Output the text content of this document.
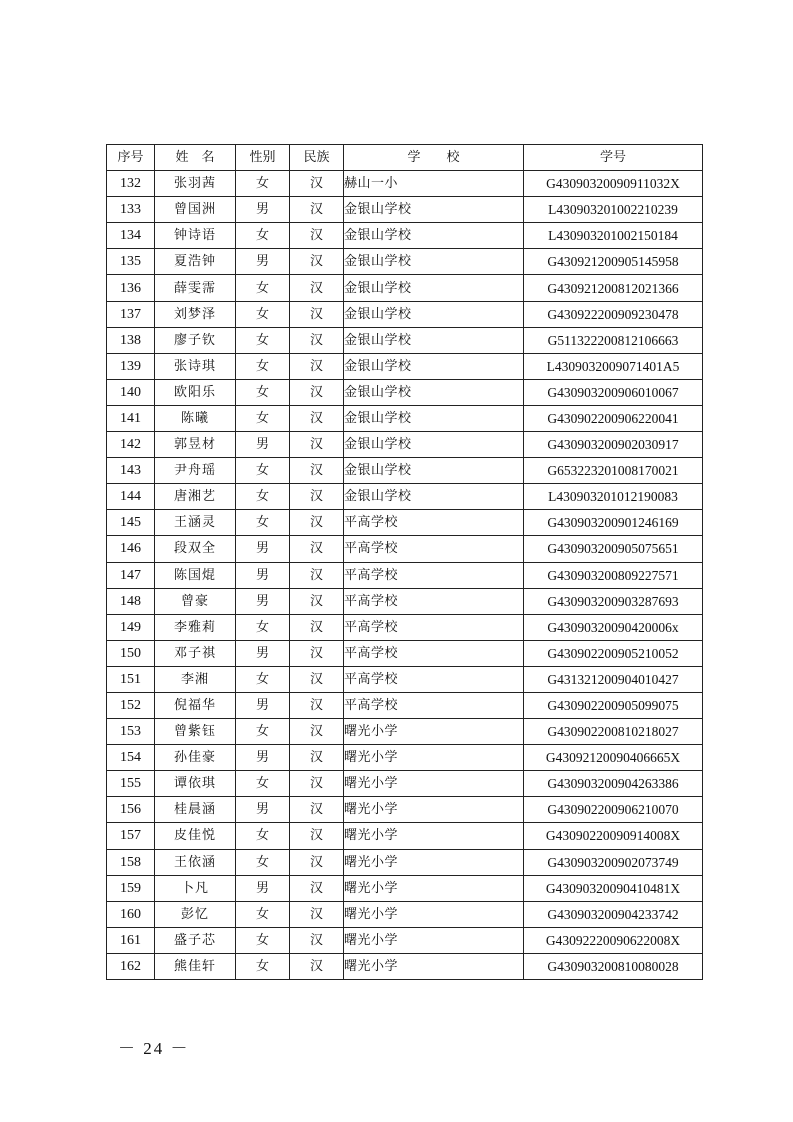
序号	姓　名	性别	民族	学　　校	学号
132	张羽茜	女	汉	赫山一小	G43090320090911032X
133	曾国洲	男	汉	金银山学校	L430903201002210239
134	钟诗语	女	汉	金银山学校	L430903201002150184
135	夏浩钟	男	汉	金银山学校	G430921200905145958
136	薛雯霈	女	汉	金银山学校	G430921200812021366
137	刘梦泽	女	汉	金银山学校	G430922200909230478
138	廖子钦	女	汉	金银山学校	G511322200812106663
139	张诗琪	女	汉	金银山学校	L4309032009071401A5
140	欧阳乐	女	汉	金银山学校	G430903200906010067
141	陈曦	女	汉	金银山学校	G430902200906220041
142	郭昱材	男	汉	金银山学校	G430903200902030917
143	尹舟瑶	女	汉	金银山学校	G653223201008170021
144	唐湘艺	女	汉	金银山学校	L430903201012190083
145	王涵灵	女	汉	平高学校	G430903200901246169
146	段双全	男	汉	平高学校	G430903200905075651
147	陈国焜	男	汉	平高学校	G430903200809227571
148	曾豪	男	汉	平高学校	G430903200903287693
149	李雅莉	女	汉	平高学校	G43090320090420006x
150	邓子祺	男	汉	平高学校	G430902200905210052
151	李湘	女	汉	平高学校	G431321200904010427
152	倪福华	男	汉	平高学校	G430902200905099075
153	曾紫钰	女	汉	曙光小学	G430902200810218027
154	孙佳豪	男	汉	曙光小学	G43092120090406665X
155	谭依琪	女	汉	曙光小学	G430903200904263386
156	桂晨涵	男	汉	曙光小学	G430902200906210070
157	皮佳悦	女	汉	曙光小学	G43090220090914008X
158	王依涵	女	汉	曙光小学	G430903200902073749
159	卜凡	男	汉	曙光小学	G43090320090410481X
160	彭忆	女	汉	曙光小学	G430903200904233742
161	盛子芯	女	汉	曙光小学	G43092220090622008X
162	熊佳轩	女	汉	曙光小学	G430903200810080028
－ 24 －
